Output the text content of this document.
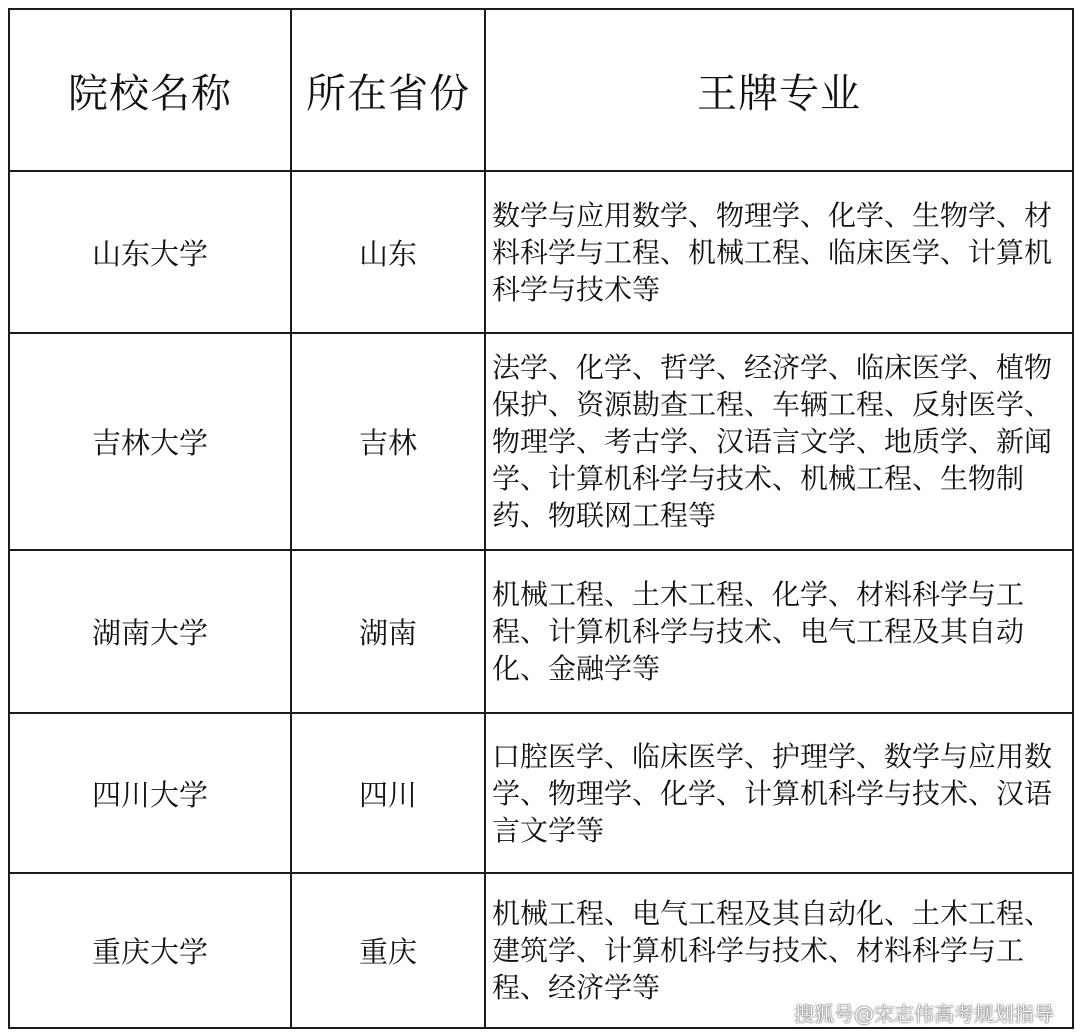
院校名称	所在省份	王牌专业
山东大学	山东	数学与应用数学、物理学、化学、生物学、材料科学与工程、机械工程、临床医学、计算机科学与技术等
吉林大学	吉林	法学、化学、哲学、经济学、临床医学、植物保护、资源勘查工程、车辆工程、反射医学、物理学、考古学、汉语言文学、地质学、新闻学、计算机科学与技术、机械工程、生物制药、物联网工程等
湖南大学	湖南	机械工程、土木工程、化学、材料科学与工程、计算机科学与技术、电气工程及其自动化、金融学等
四川大学	四川	口腔医学、临床医学、护理学、数学与应用数学、物理学、化学、计算机科学与技术、汉语言文学等
重庆大学	重庆	机械工程、电气工程及其自动化、土木工程、建筑学、计算机科学与技术、材料科学与工程、经济学等
搜狐号@宋志伟高考规划指导
